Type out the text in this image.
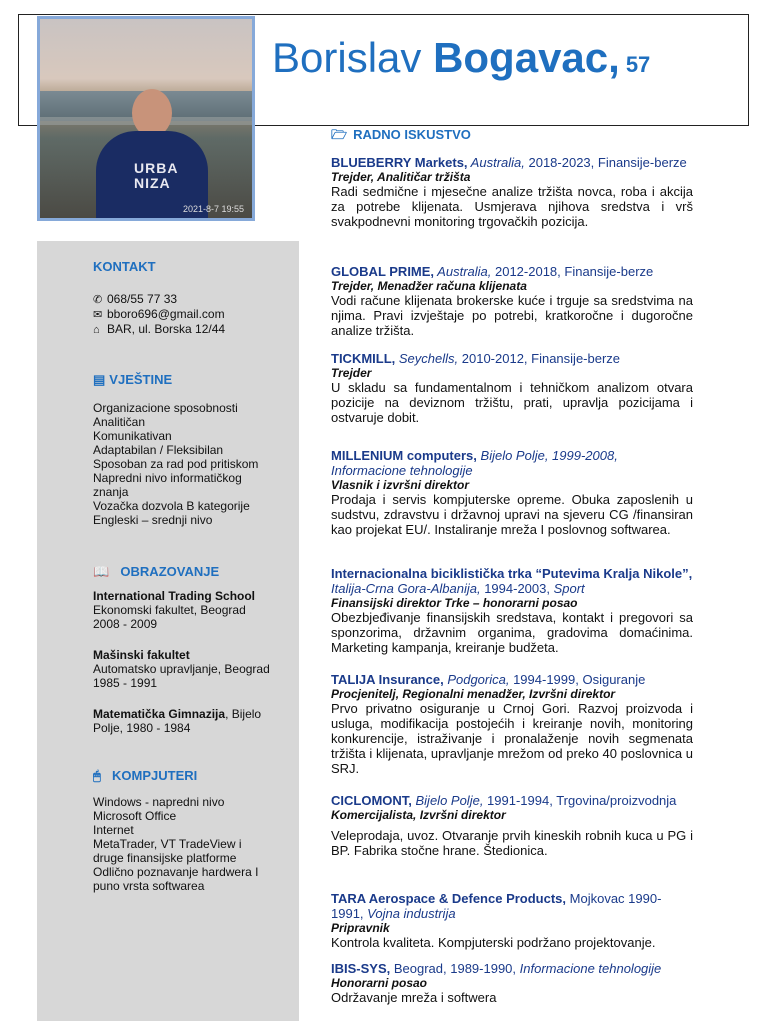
Borislav Bogavac, 57
URBA
NIZA
2021-8-7 19:55
KONTAKT
✆ 068/55 77 33
✉ bboro696@gmail.com
⌂ BAR, ul. Borska 12/44
▤ VJEŠTINE
Organizacione sposobnosti
Analitičan
Komunikativan
Adaptabilan / Fleksibilan
Sposoban za rad pod pritiskom
Napredni nivo informatičkog
znanja
Vozačka dozvola B kategorije
Engleski – srednji nivo
📖 OBRAZOVANJE
International Trading School
Ekonomski fakultet, Beograd
2008 - 2009
Mašinski fakultet
Automatsko upravljanje, Beograd
1985 - 1991
Matematička Gimnazija, Bijelo
Polje, 1980 - 1984
🖱 KOMPJUTERI
Windows - napredni nivo
Microsoft Office
Internet
MetaTrader, VT TradeView i
druge finansijske platforme
Odlično poznavanje hardwera I
puno vrsta softwarea
🗁 RADNO ISKUSTVO
BLUEBERRY Markets, Australia, 2018-2023, Finansije-berze
Trejder, Analitičar tržišta
Radi sedmične i mjesečne analize tržišta novca, roba i akcija za potrebe klijenata. Usmjerava njihova sredstva i vrš svakpodnevni monitoring trgovačkih pozicija.
GLOBAL PRIME, Australia, 2012-2018, Finansije-berze
Trejder, Menadžer računa klijenata
Vodi račune klijenata brokerske kuće i trguje sa sredstvima na njima. Pravi izvještaje po potrebi, kratkoročne i dugoročne analize tržišta.
TICKMILL, Seychells, 2010-2012, Finansije-berze
Trejder
U skladu sa fundamentalnom i tehničkom analizom otvara pozicije na deviznom tržištu, prati, upravlja pozicijama i ostvaruje dobit.
MILLENIUM computers, Bijelo Polje, 1999-2008, Informacione tehnologije
Vlasnik i izvršni direktor
Prodaja i servis kompjuterske opreme. Obuka zaposlenih u sudstvu, zdravstvu i državnoj upravi na sjeveru CG /finansiran kao projekat EU/. Instaliranje mreža I poslovnog softwarea.
Internacionalna biciklistička trka “Putevima Kralja Nikole”, Italija-Crna Gora-Albanija, 1994-2003, Sport
Finansijski direktor Trke – honorarni posao
Obezbjeđivanje finansijskih sredstava, kontakt i pregovori sa sponzorima, državnim organima, gradovima domaćinima. Marketing kampanja, kreiranje budžeta.
TALIJA Insurance, Podgorica, 1994-1999, Osiguranje
Procjenitelj, Regionalni menadžer, Izvršni direktor
Prvo privatno osiguranje u Crnoj Gori. Razvoj proizvoda i usluga, modifikacija postojećih i kreiranje novih, monitoring konkurencije, istraživanje i pronalaženje novih segmenata tržišta i klijenata, upravljanje mrežom od preko 40 poslovnica u SRJ.
CICLOMONT, Bijelo Polje, 1991-1994, Trgovina/proizvodnja
Komercijalista, Izvršni direktor
Veleprodaja, uvoz. Otvaranje prvih kineskih robnih kuca u PG i BP. Fabrika stočne hrane. Štedionica.
TARA Aerospace & Defence Products, Mojkovac 1990-1991, Vojna industrija
Pripravnik
Kontrola kvaliteta. Kompjuterski podržano projektovanje.
IBIS-SYS, Beograd, 1989-1990, Informacione tehnologije
Honorarni posao
Održavanje mreža i softwera
